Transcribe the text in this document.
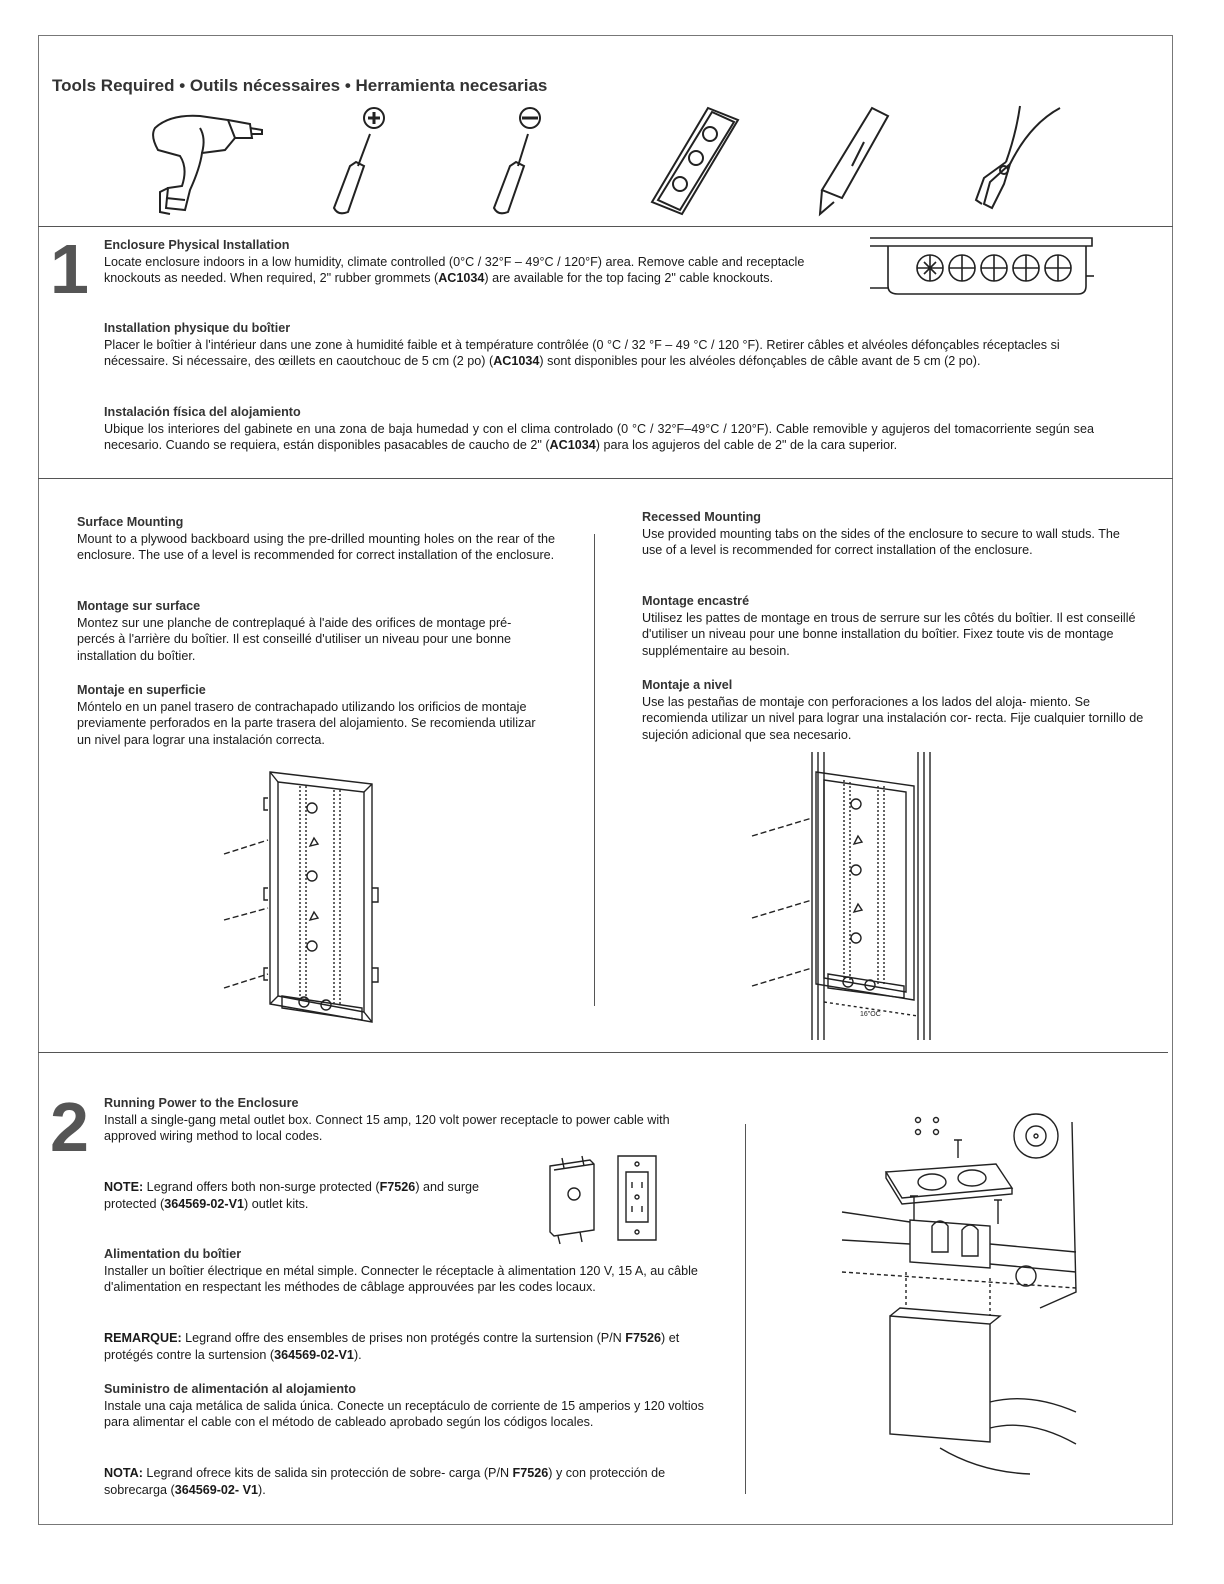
Tools Required • Outils nécessaires • Herramienta necesarias
1 Enclosure Physical Installation

Locate enclosure indoors in a low humidity, climate controlled (0°C / 32°F – 49°C / 120°F) area. Remove cable and receptacle knockouts as needed. When required, 2" rubber grommets (AC1034) are available for the top facing 2" cable knockouts.

Installation physique du boîtier

Placer le boîtier à l'intérieur dans une zone à humidité faible et à température contrôlée (0 °C / 32 °F – 49 °C / 120 °F). Retirer câbles et alvéoles défonçables réceptacles si nécessaire. Si nécessaire, des œillets en caoutchouc de 5 cm (2 po) (AC1034) sont disponibles pour les alvéoles défonçables de câble avant de 5 cm (2 po).

Instalación física del alojamiento

Ubique los interiores del gabinete en una zona de baja humedad y con el clima controlado (0 °C / 32°F–49°C / 120°F). Cable removible y agujeros del tomacorriente según sea necesario. Cuando se requiera, están disponibles pasacables de caucho de 2" (AC1034) para los agujeros del cable de 2" de la cara superior.

Surface Mounting

Mount to a plywood backboard using the pre-drilled mounting holes on the rear of the enclosure. The use of a level is recommended for correct installation of the enclosure.

Montage sur surface

Montez sur une planche de contreplaqué à l'aide des orifices de montage pré-percés à l'arrière du boîtier. Il est conseillé d'utiliser un niveau pour une bonne installation du boîtier.

Montaje en superficie

Móntelo en un panel trasero de contrachapado utilizando los orificios de montaje previamente perforados en la parte trasera del alojamiento. Se recomienda utilizar un nivel para lograr una instalación correcta.

Recessed Mounting

Use provided mounting tabs on the sides of the enclosure to secure to wall studs. The use of a level is recommended for correct installation of the enclosure.

Montage encastré

Utilisez les pattes de montage en trous de serrure sur les côtés du boîtier. Il est conseillé d'utiliser un niveau pour une bonne installation du boîtier. Fixez toute vis de montage supplémentaire au besoin.

Montaje a nivel

Use las pestañas de montaje con perforaciones a los lados del aloja- miento. Se recomienda utilizar un nivel para lograr una instalación cor- recta. Fije cualquier tornillo de sujeción adicional que sea necesario.

16"OC
2 Running Power to the Enclosure

Install a single-gang metal outlet box. Connect 15 amp, 120 volt power receptacle to power cable with approved wiring method to local codes.

NOTE: Legrand offers both non-surge protected (F7526) and surge protected (364569-02-V1) outlet kits.

Alimentation du boîtier

Installer un boîtier électrique en métal simple. Connecter le réceptacle à alimentation 120 V, 15 A, au câble d'alimentation en respectant les méthodes de câblage approuvées par les codes locaux.

REMARQUE: Legrand offre des ensembles de prises non protégés contre la surtension (P/N F7526) et protégés contre la surtension (364569-02-V1).

Suministro de alimentación al alojamiento

Instale una caja metálica de salida única. Conecte un receptáculo de corriente de 15 amperios y 120 voltios para alimentar el cable con el método de cableado aprobado según los códigos locales.

NOTA: Legrand ofrece kits de salida sin protección de sobre- carga (P/N F7526) y con protección de sobrecarga (364569-02- V1).
